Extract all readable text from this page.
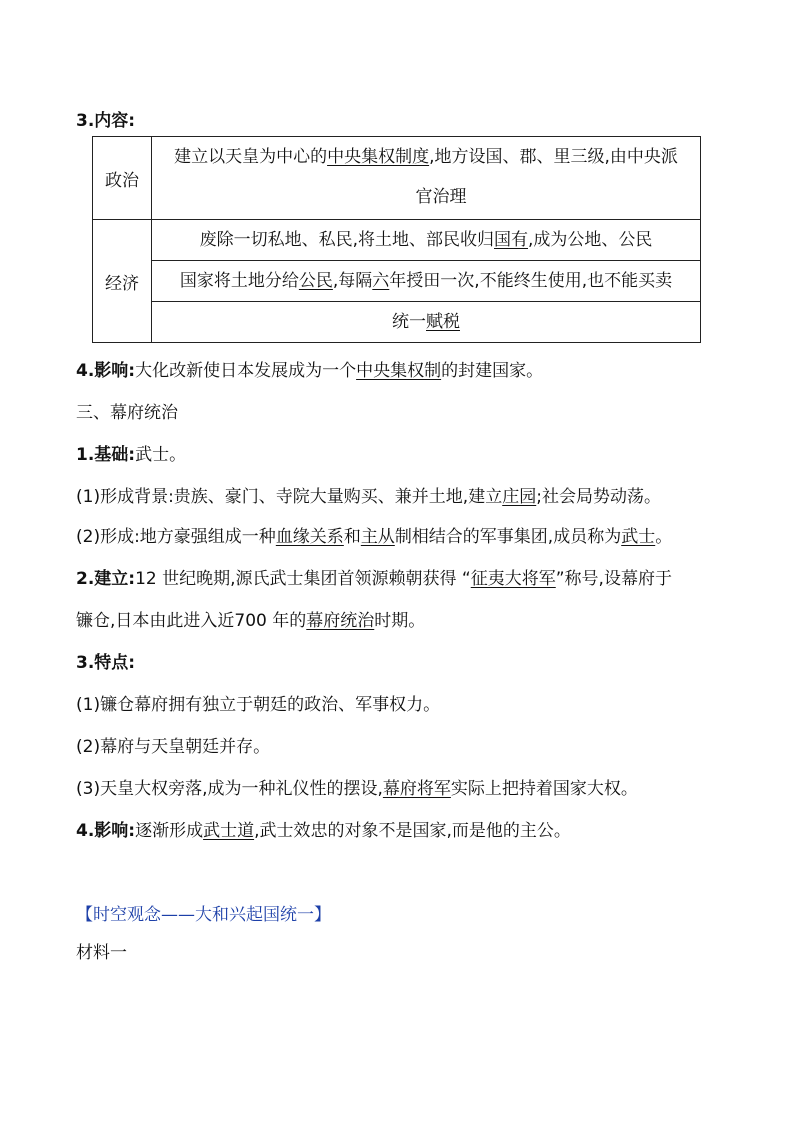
3.内容:
政治	建立以天皇为中心的中央集权制度,地方设国、郡、里三级,由中央派
官治理

经济	废除一切私地、私民,将土地、部民收归国有,成为公地、公民
	国家将土地分给公民,每隔六年授田一次,不能终生使用,也不能买卖
	统一赋税
4.影响:大化改新使日本发展成为一个中央集权制的封建国家。
三、幕府统治
1.基础:武士。
(1)形成背景:贵族、豪门、寺院大量购买、兼并土地,建立庄园;社会局势动荡。
(2)形成:地方豪强组成一种血缘关系和主从制相结合的军事集团,成员称为武士。
2.建立:12 世纪晚期,源氏武士集团首领源赖朝获得 “征夷大将军”称号,设幕府于
镰仓,日本由此进入近700 年的幕府统治时期。
3.特点:
(1)镰仓幕府拥有独立于朝廷的政治、军事权力。
(2)幕府与天皇朝廷并存。
(3)天皇大权旁落,成为一种礼仪性的摆设,幕府将军实际上把持着国家大权。
4.影响:逐渐形成武士道,武士效忠的对象不是国家,而是他的主公。
【时空观念——大和兴起国统一】
材料一
